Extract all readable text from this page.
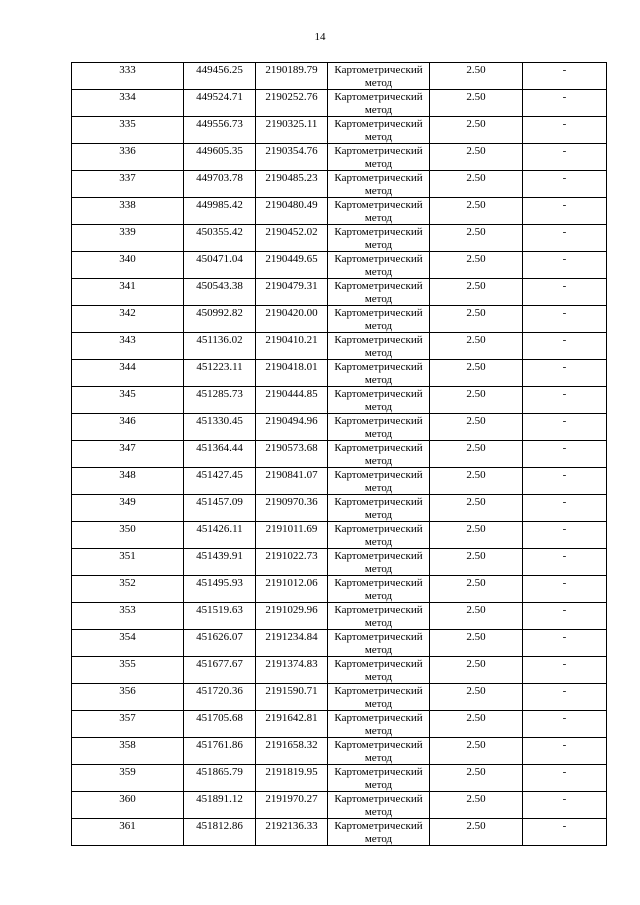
14
333	449456.25	2190189.79	Картометрический метод	2.50	-

334	449524.71	2190252.76	Картометрический метод	2.50	-

335	449556.73	2190325.11	Картометрический метод	2.50	-

336	449605.35	2190354.76	Картометрический метод	2.50	-

337	449703.78	2190485.23	Картометрический метод	2.50	-

338	449985.42	2190480.49	Картометрический метод	2.50	-

339	450355.42	2190452.02	Картометрический метод	2.50	-

340	450471.04	2190449.65	Картометрический метод	2.50	-

341	450543.38	2190479.31	Картометрический метод	2.50	-

342	450992.82	2190420.00	Картометрический метод	2.50	-

343	451136.02	2190410.21	Картометрический метод	2.50	-

344	451223.11	2190418.01	Картометрический метод	2.50	-

345	451285.73	2190444.85	Картометрический метод	2.50	-

346	451330.45	2190494.96	Картометрический метод	2.50	-

347	451364.44	2190573.68	Картометрический метод	2.50	-

348	451427.45	2190841.07	Картометрический метод	2.50	-

349	451457.09	2190970.36	Картометрический метод	2.50	-

350	451426.11	2191011.69	Картометрический метод	2.50	-

351	451439.91	2191022.73	Картометрический метод	2.50	-

352	451495.93	2191012.06	Картометрический метод	2.50	-

353	451519.63	2191029.96	Картометрический метод	2.50	-

354	451626.07	2191234.84	Картометрический метод	2.50	-

355	451677.67	2191374.83	Картометрический метод	2.50	-

356	451720.36	2191590.71	Картометрический метод	2.50	-

357	451705.68	2191642.81	Картометрический метод	2.50	-

358	451761.86	2191658.32	Картометрический метод	2.50	-

359	451865.79	2191819.95	Картометрический метод	2.50	-

360	451891.12	2191970.27	Картометрический метод	2.50	-

361	451812.86	2192136.33	Картометрический метод	2.50	-
